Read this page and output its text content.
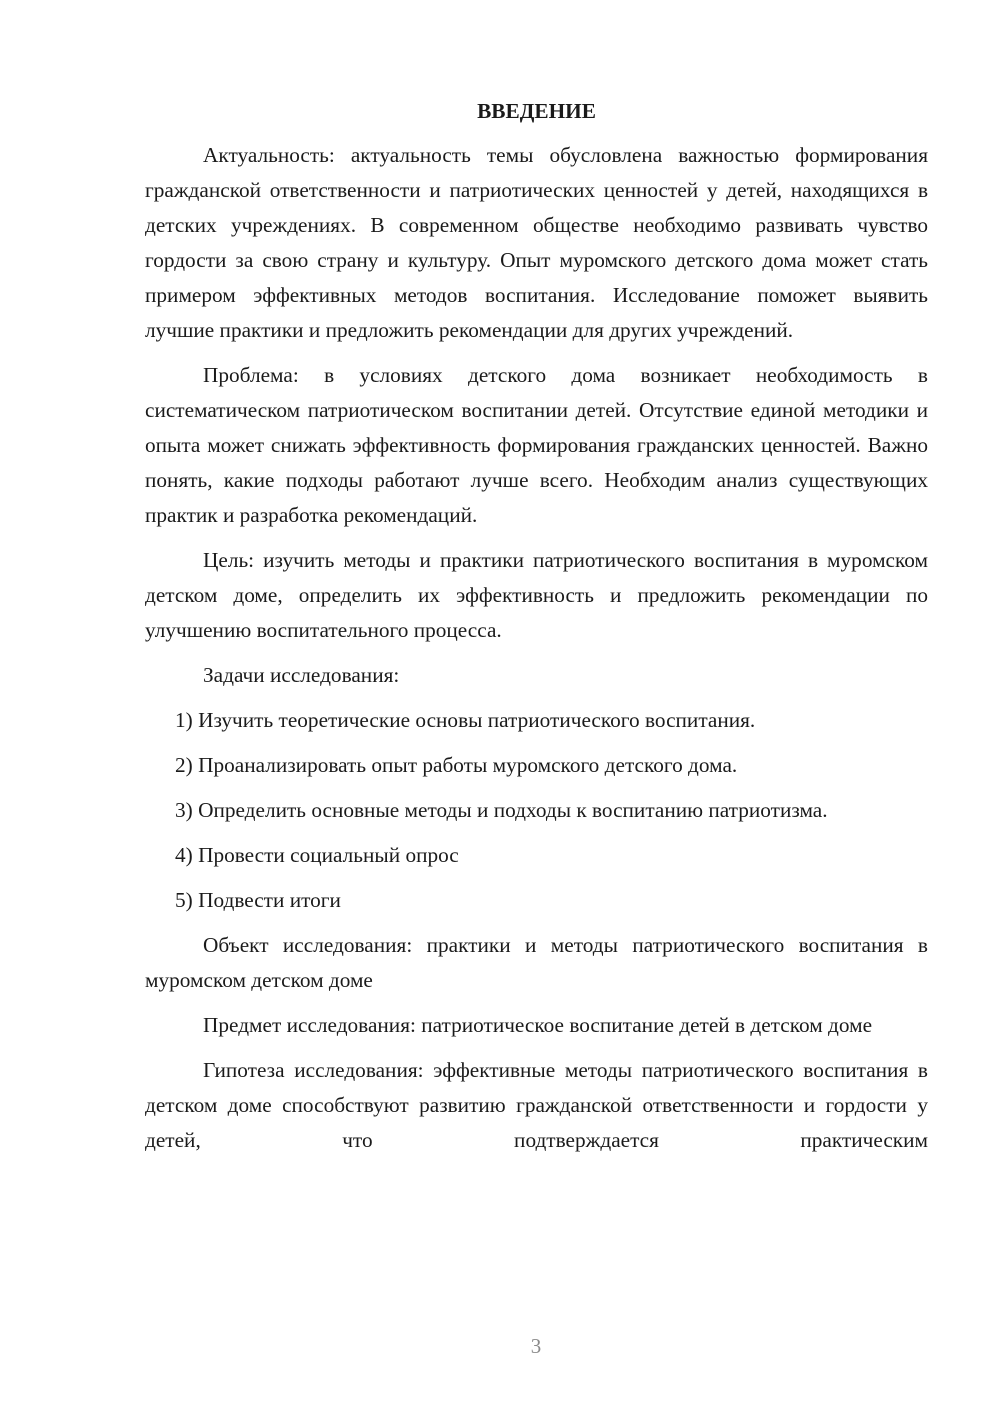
ВВЕДЕНИЕ

Актуальность: актуальность темы обусловлена важностью формирования гражданской ответственности и патриотических ценностей у детей, находящихся в детских учреждениях. В современном обществе необходимо развивать чувство гордости за свою страну и культуру. Опыт муромского детского дома может стать примером эффективных методов воспитания. Исследование поможет выявить лучшие практики и предложить рекомендации для других учреждений.

Проблема: в условиях детского дома возникает необходимость в систематическом патриотическом воспитании детей. Отсутствие единой методики и опыта может снижать эффективность формирования гражданских ценностей. Важно понять, какие подходы работают лучше всего. Необходим анализ существующих практик и разработка рекомендаций.

Цель: изучить методы и практики патриотического воспитания в муромском детском доме, определить их эффективность и предложить рекомендации по улучшению воспитательного процесса.

Задачи исследования:

1) Изучить теоретические основы патриотического воспитания.

2) Проанализировать опыт работы муромского детского дома.

3) Определить основные методы и подходы к воспитанию патриотизма.

4) Провести социальный опрос

5) Подвести итоги

Объект исследования: практики и методы патриотического воспитания в муромском детском доме

Предмет исследования: патриотическое воспитание детей в детском доме

Гипотеза исследования: эффективные методы патриотического воспитания в детском доме способствуют развитию гражданской ответственности и гордости у детей, что подтверждается практическим

3
